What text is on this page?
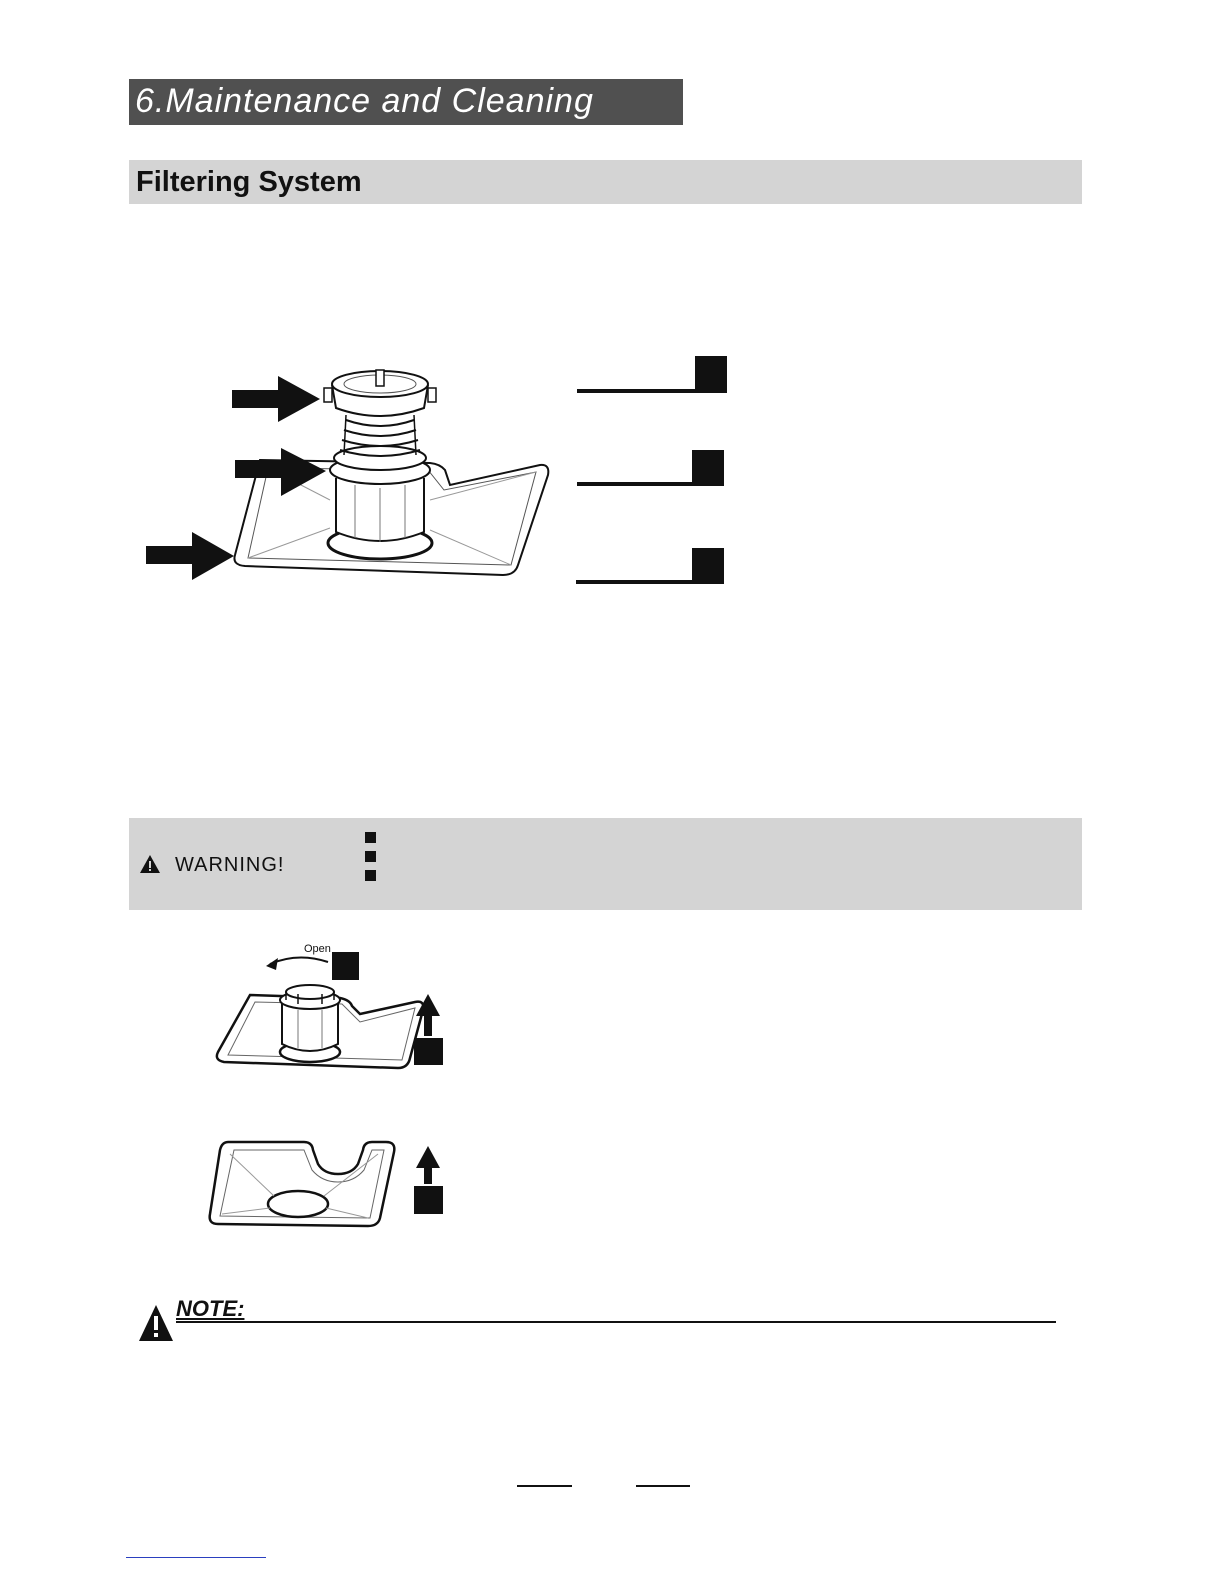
6.Maintenance and Cleaning
Filtering System
WARNING!
Open
NOTE:
